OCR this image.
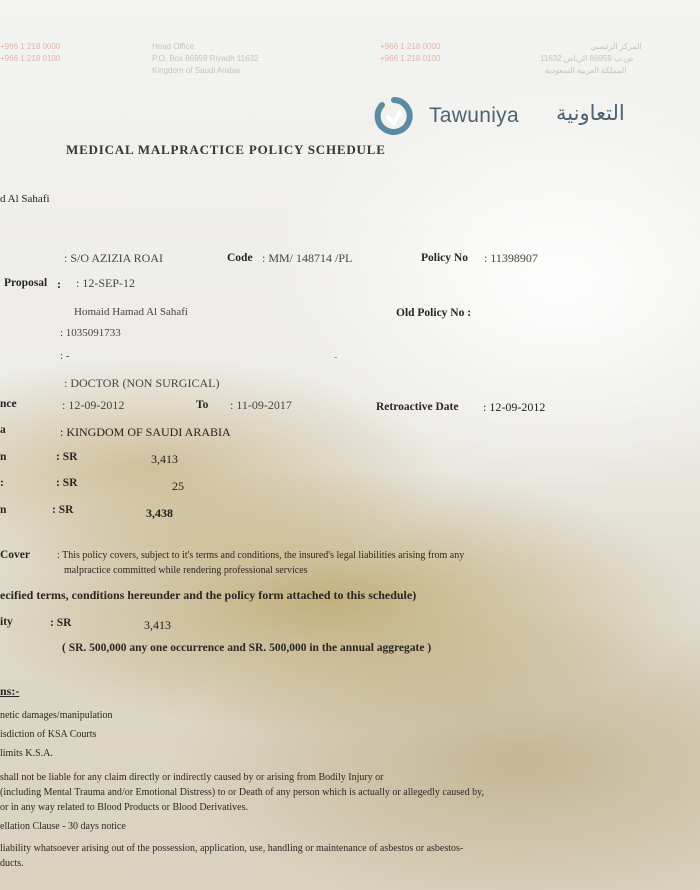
+966 1 218 0000
+966 1 218 0100
Head Office
P.O. Box 86959 Riyadh 11632
Kingdom of Saudi Arabia
+966 1 218 0000
+966 1 218 0100
المركز الرئيسي
ص.ب 86959 الرياض 11632
المملكة العربية السعودية
Tawuniya التعاونية
MEDICAL MALPRACTICE POLICY SCHEDULE
d Al Sahafi
: S/O AZIZIA ROAI	Code : MM/ 148714 /PL	Policy No : 11398907
Proposal : : 12-SEP-12
Homaid Hamad Al Sahafi	Old Policy No :
: 1035091733
: -	-
: DOCTOR (NON SURGICAL)
nce	: 12-09-2012	To : 11-09-2017	Retroactive Date : 12-09-2012
a	: KINGDOM OF SAUDI ARABIA
n	: SR	3,413
:	: SR	25
n	: SR	3,438
Cover	: This policy covers, subject to it's terms and conditions, the insured's legal liabilities arising from any
malpractice committed while rendering professional services
ecified terms, conditions hereunder and the policy form attached to this schedule)
ity	: SR	3,413
( SR. 500,000 any one occurrence and SR. 500,000 in the annual aggregate )
ns:-
netic damages/manipulation
isdiction of KSA Courts
limits K.S.A.
shall not be liable for any claim directly or indirectly caused by or arising from Bodily Injury or
(including Mental Trauma and/or Emotional Distress) to or Death of any person which is actually or allegedly caused by,
or in any way related to Blood Products or Blood Derivatives.
ellation Clause - 30 days notice
liability whatsoever arising out of the possession, application, use, handling or maintenance of asbestos or asbestos-
ducts.
